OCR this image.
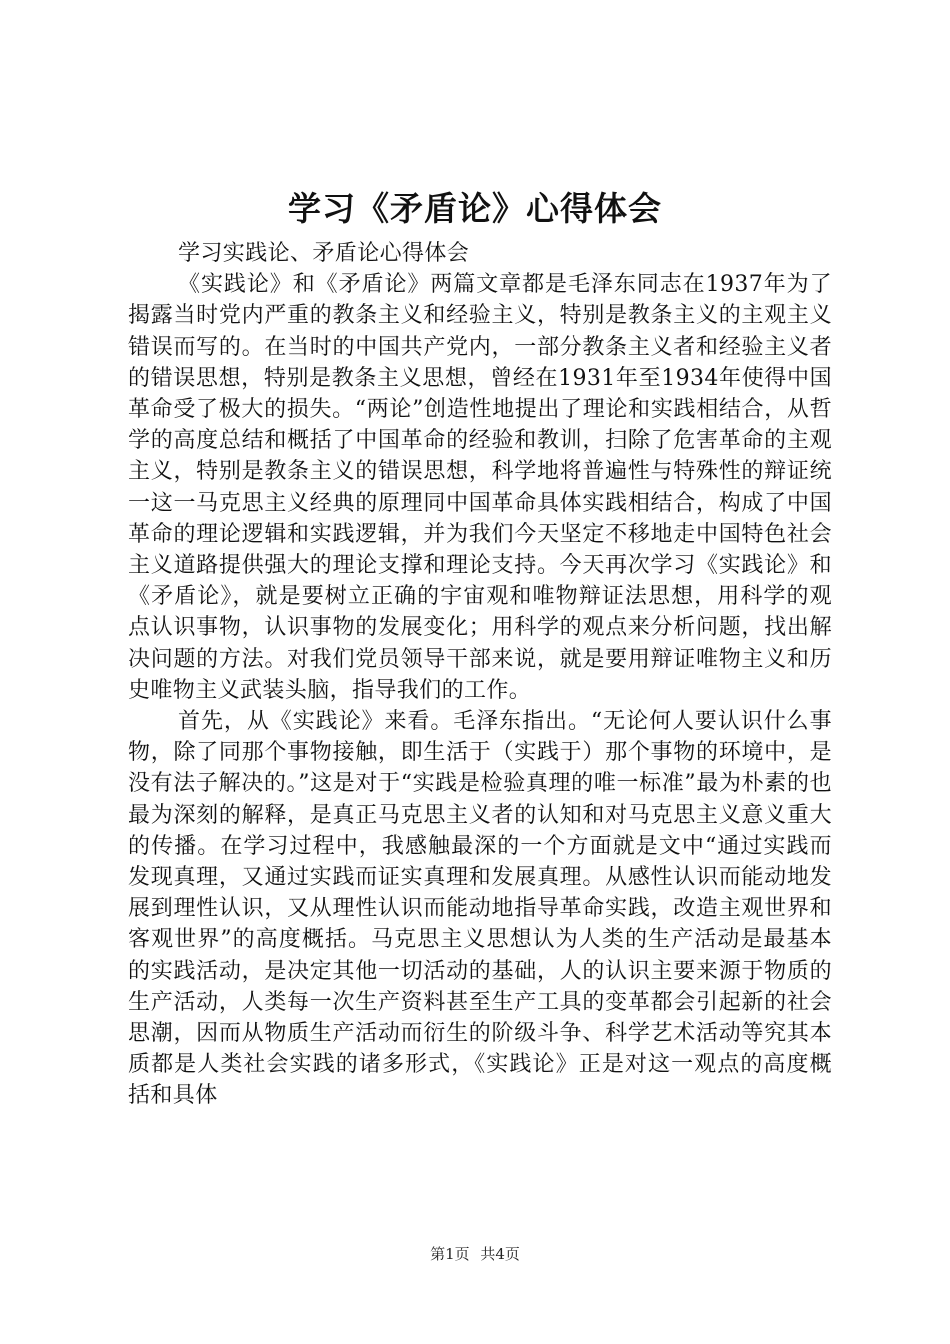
学习《矛盾论》心得体会

学习实践论、矛盾论心得体会

《实践论》和《矛盾论》两篇文章都是毛泽东同志在1937年为了揭露当时党内严重的教条主义和经验主义，特别是教条主义的主观主义错误而写的。在当时的中国共产党内，一部分教条主义者和经验主义者的错误思想，特别是教条主义思想，曾经在1931年至1934年使得中国革命受了极大的损失。“两论”创造性地提出了理论和实践相结合，从哲学的高度总结和概括了中国革命的经验和教训，扫除了危害革命的主观主义，特别是教条主义的错误思想，科学地将普遍性与特殊性的辩证统一这一马克思主义经典的原理同中国革命具体实践相结合，构成了中国革命的理论逻辑和实践逻辑，并为我们今天坚定不移地走中国特色社会主义道路提供强大的理论支撑和理论支持。今天再次学习《实践论》和《矛盾论》，就是要树立正确的宇宙观和唯物辩证法思想，用科学的观点认识事物，认识事物的发展变化；用科学的观点来分析问题，找出解决问题的方法。对我们党员领导干部来说，就是要用辩证唯物主义和历史唯物主义武装头脑，指导我们的工作。

首先，从《实践论》来看。毛泽东指出。“无论何人要认识什么事物，除了同那个事物接触，即生活于（实践于）那个事物的环境中，是没有法子解决的。”这是对于“实践是检验真理的唯一标准”最为朴素的也最为深刻的解释，是真正马克思主义者的认知和对马克思主义意义重大的传播。在学习过程中，我感触最深的一个方面就是文中“通过实践而发现真理，又通过实践而证实真理和发展真理。从感性认识而能动地发展到理性认识，又从理性认识而能动地指导革命实践，改造主观世界和客观世界”的高度概括。马克思主义思想认为人类的生产活动是最基本的实践活动，是决定其他一切活动的基础，人的认识主要来源于物质的生产活动，人类每一次生产资料甚至生产工具的变革都会引起新的社会思潮，因而从物质生产活动而衍生的阶级斗争、科学艺术活动等究其本质都是人类社会实践的诸多形式，《实践论》正是对这一观点的高度概括和具体

第1页 共4页
